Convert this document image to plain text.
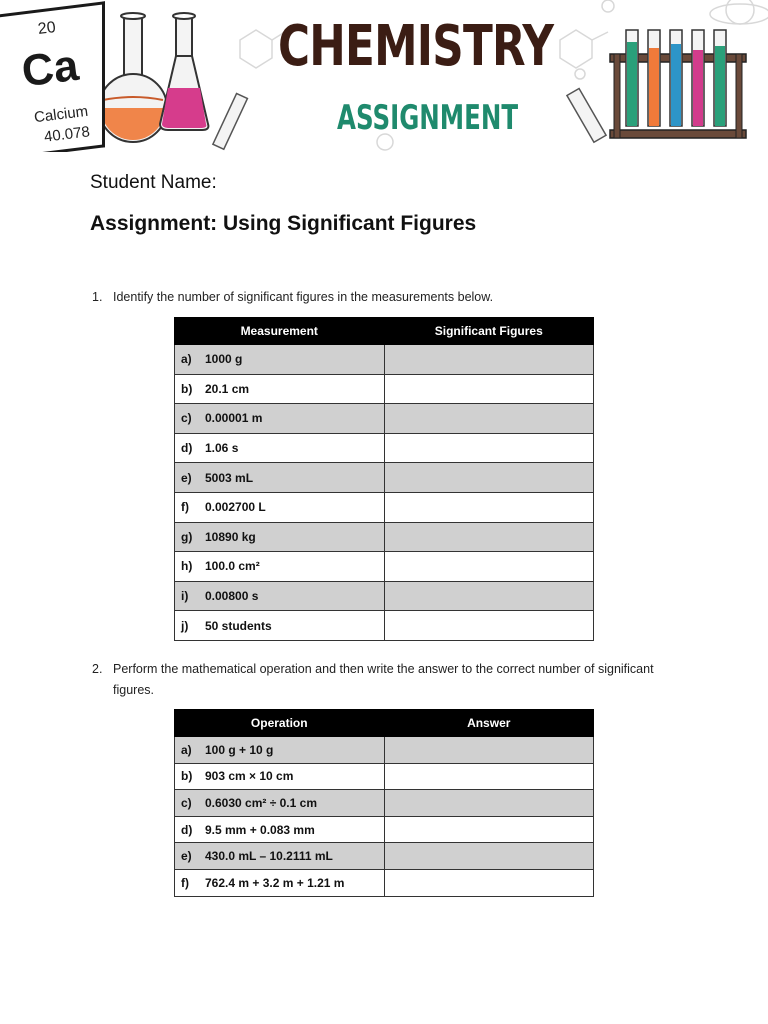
20
Ca
Calcium
40.078
CHEMISTRY
ASSIGNMENT
Student Name:
Assignment: Using Significant Figures
1. Identify the number of significant figures in the measurements below.
Measurement	Significant Figures
a) 1000 g	
b) 20.1 cm	
c) 0.00001 m	
d) 1.06 s	
e) 5003 mL	
f) 0.002700 L	
g) 10890 kg	
h) 100.0 cm²	
i) 0.00800 s	
j) 50 students	
2. Perform the mathematical operation and then write the answer to the correct number of significant figures.
Operation	Answer
a) 100 g + 10 g	
b) 903 cm × 10 cm	
c) 0.6030 cm² ÷ 0.1 cm	
d) 9.5 mm + 0.083 mm	
e) 430.0 mL – 10.2111 mL	
f) 762.4 m + 3.2 m + 1.21 m	
